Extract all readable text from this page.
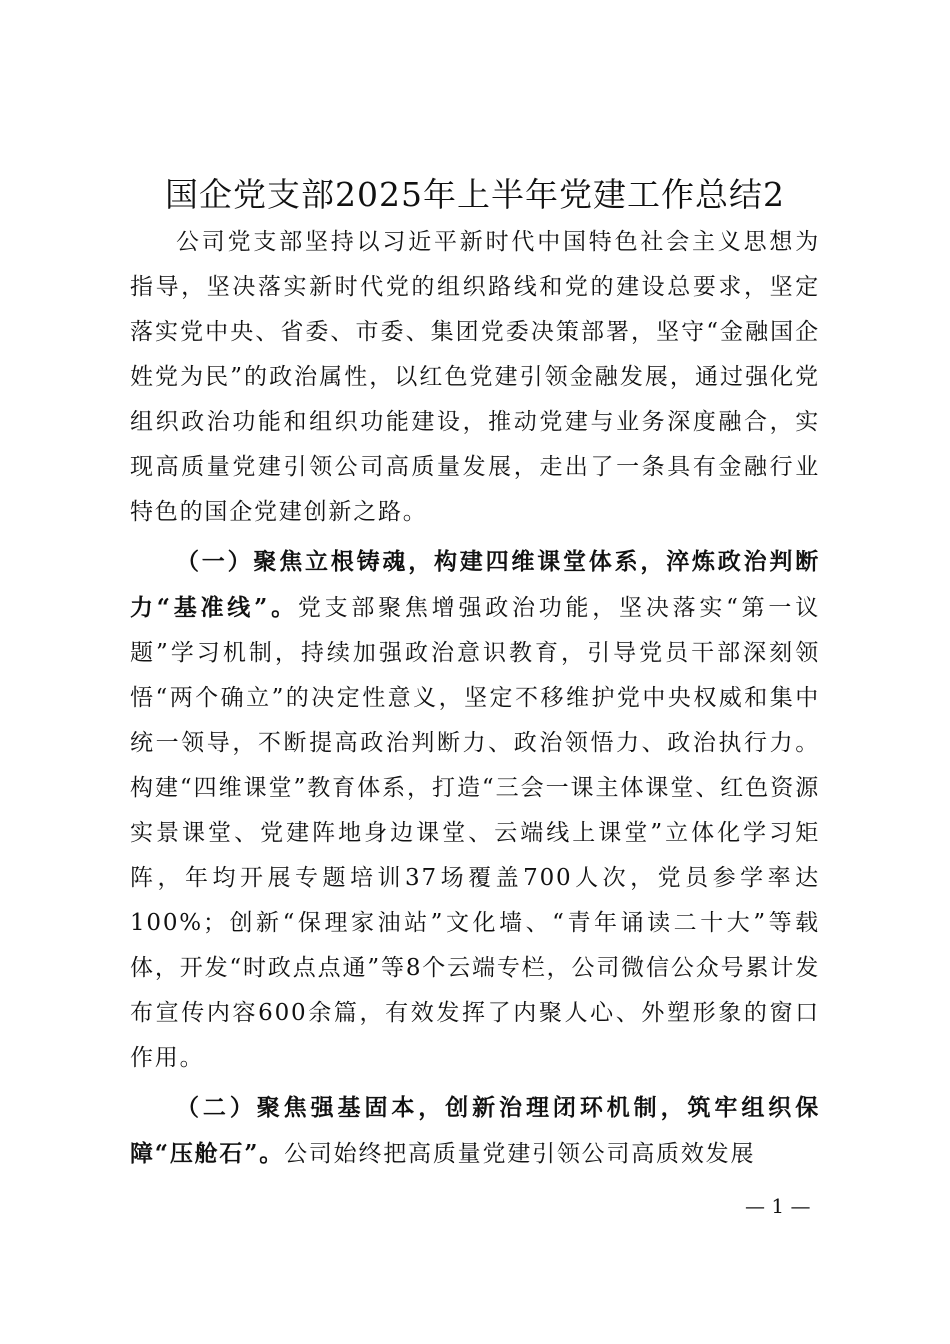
国企党支部2025年上半年党建工作总结2

公司党支部坚持以习近平新时代中国特色社会主义思想为指导，坚决落实新时代党的组织路线和党的建设总要求，坚定落实党中央、省委、市委、集团党委决策部署，坚守“金融国企姓党为民”的政治属性，以红色党建引领金融发展，通过强化党组织政治功能和组织功能建设，推动党建与业务深度融合，实现高质量党建引领公司高质量发展，走出了一条具有金融行业特色的国企党建创新之路。

（一）聚焦立根铸魂，构建四维课堂体系，淬炼政治判断力“基准线”。党支部聚焦增强政治功能，坚决落实“第一议题”学习机制，持续加强政治意识教育，引导党员干部深刻领悟“两个确立”的决定性意义，坚定不移维护党中央权威和集中统一领导，不断提高政治判断力、政治领悟力、政治执行力。构建“四维课堂”教育体系，打造“三会一课主体课堂、红色资源实景课堂、党建阵地身边课堂、云端线上课堂”立体化学习矩阵，年均开展专题培训37场覆盖700人次，党员参学率达100%；创新“保理家油站”文化墙、“青年诵读二十大”等载体，开发“时政点点通”等8个云端专栏，公司微信公众号累计发布宣传内容600余篇，有效发挥了内聚人心、外塑形象的窗口作用。

（二）聚焦强基固本，创新治理闭环机制，筑牢组织保障“压舱石”。公司始终把高质量党建引领公司高质效发展

— 1 —
